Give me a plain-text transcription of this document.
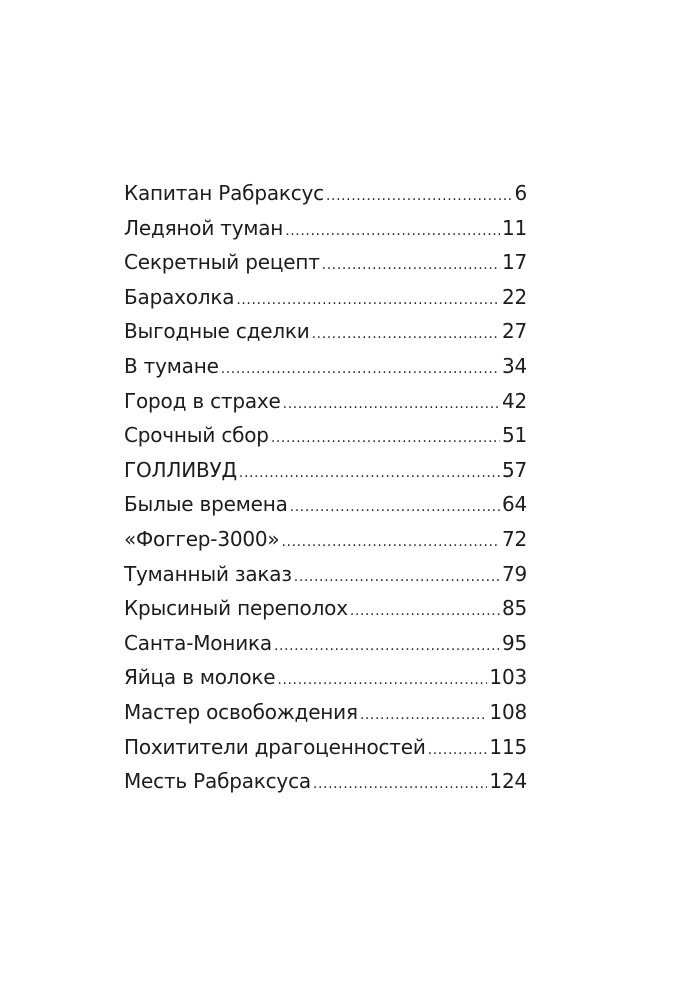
Капитан Рабраксус .....	6
Ледяной туман .....	11
Секретный рецепт .....	17
Барахолка .....	22
Выгодные сделки .....	27
В тумане .....	34
Город в страхе .....	42
Срочный сбор .....	51
ГОЛЛИВУД .....	57
Былые времена .....	64
«Фоггер-3000» .....	72
Туманный заказ .....	79
Крысиный переполох .....	85
Санта-Моника .....	95
Яйца в молоке .....	103
Мастер освобождения .....	108
Похитители драгоценностей .....	115
Месть Рабраксуса .....	124
